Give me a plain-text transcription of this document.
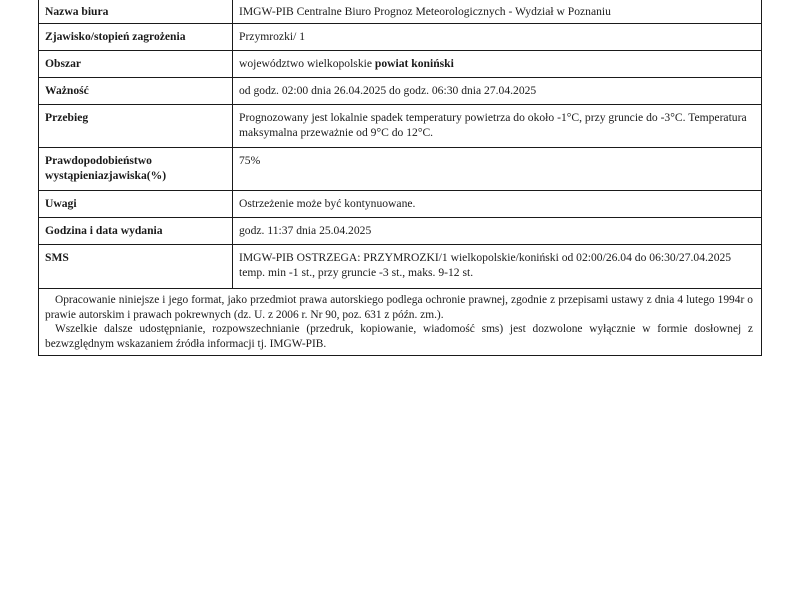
Nazwa biura	IMGW-PIB Centralne Biuro Prognoz Meteorologicznych - Wydział w Poznaniu
Zjawisko/stopień zagrożenia	Przymrozki/ 1
Obszar	województwo wielkopolskie powiat koniński
Ważność	od godz. 02:00 dnia 26.04.2025 do godz. 06:30 dnia 27.04.2025
Przebieg	Prognozowany jest lokalnie spadek temperatury powietrza do około -1°C, przy gruncie do -3°C. Temperatura maksymalna przeważnie od 9°C do 12°C.
Prawdopodobieństwo wystąpieniazjawiska(%)	75%
Uwagi	Ostrzeżenie może być kontynuowane.
Godzina i data wydania	godz. 11:37 dnia 25.04.2025
SMS	IMGW-PIB OSTRZEGA: PRZYMROZKI/1 wielkopolskie/koniński od 02:00/26.04 do 06:30/27.04.2025 temp. min -1 st., przy gruncie -3 st., maks. 9-12 st.

Opracowanie niniejsze i jego format, jako przedmiot prawa autorskiego podlega ochronie prawnej, zgodnie z przepisami ustawy z dnia 4 lutego 1994r o prawie autorskim i prawach pokrewnych (dz. U. z 2006 r. Nr 90, poz. 631 z późn. zm.).

Wszelkie dalsze udostępnianie, rozpowszechnianie (przedruk, kopiowanie, wiadomość sms) jest dozwolone wyłącznie w formie dosłownej z bezwzględnym wskazaniem źródła informacji tj. IMGW-PIB.
